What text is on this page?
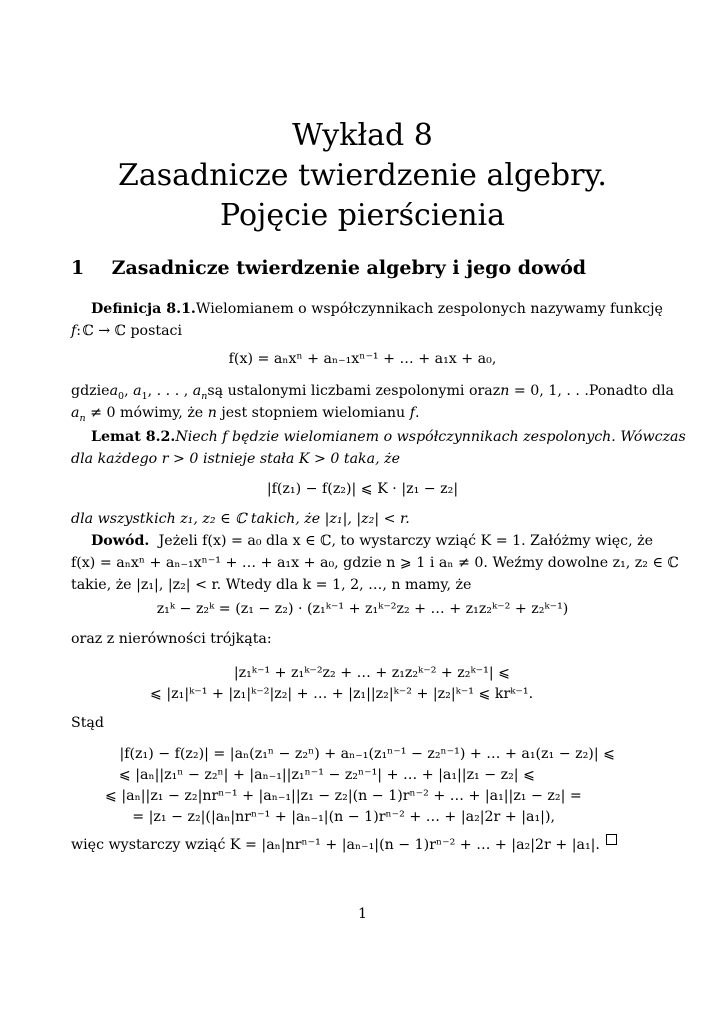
Wykład 8
Zasadnicze twierdzenie algebry.
Pojęcie pierścienia
1 Zasadnicze twierdzenie algebry i jego dowód
Definicja 8.1. Wielomianem o współczynnikach zespolonych nazywamy funkcję
f: ℂ → ℂ postaci
f(x) = aₙxⁿ + aₙ₋₁xⁿ⁻¹ + … + a₁x + a₀,
gdzie $a_0$, $a_1$, . . . , $a_n$ są ustalonymi liczbami zespolonymi oraz n = 0, 1, . . . Ponadto dla
$a_n \ne 0$ mówimy, że n jest stopniem wielomianu f.
Lemat 8.2. Niech f będzie wielomianem o współczynnikach zespolonych. Wówczas
dla każdego r > 0 istnieje stała K > 0 taka, że
|f(z₁) − f(z₂)| ⩽ K · |z₁ − z₂|
dla wszystkich z₁, z₂ ∈ ℂ takich, że |z₁|, |z₂| < r.
Dowód. Jeżeli f(x) = a₀ dla x ∈ ℂ, to wystarczy wziąć K = 1. Załóżmy więc, że
f(x) = aₙxⁿ + aₙ₋₁xⁿ⁻¹ + … + a₁x + a₀, gdzie n ⩾ 1 i aₙ ≠ 0. Weźmy dowolne z₁, z₂ ∈ ℂ
takie, że |z₁|, |z₂| < r. Wtedy dla k = 1, 2, …, n mamy, że
z₁ᵏ − z₂ᵏ = (z₁ − z₂) · (z₁ᵏ⁻¹ + z₁ᵏ⁻²z₂ + … + z₁z₂ᵏ⁻² + z₂ᵏ⁻¹)
oraz z nierówności trójkąta:
|z₁ᵏ⁻¹ + z₁ᵏ⁻²z₂ + … + z₁z₂ᵏ⁻² + z₂ᵏ⁻¹| ⩽
⩽ |z₁|ᵏ⁻¹ + |z₁|ᵏ⁻²|z₂| + … + |z₁||z₂|ᵏ⁻² + |z₂|ᵏ⁻¹ ⩽ krᵏ⁻¹.
Stąd
|f(z₁) − f(z₂)| = |aₙ(z₁ⁿ − z₂ⁿ) + aₙ₋₁(z₁ⁿ⁻¹ − z₂ⁿ⁻¹) + … + a₁(z₁ − z₂)| ⩽
⩽ |aₙ||z₁ⁿ − z₂ⁿ| + |aₙ₋₁||z₁ⁿ⁻¹ − z₂ⁿ⁻¹| + … + |a₁||z₁ − z₂| ⩽
⩽ |aₙ||z₁ − z₂|nrⁿ⁻¹ + |aₙ₋₁||z₁ − z₂|(n − 1)rⁿ⁻² + … + |a₁||z₁ − z₂| =
= |z₁ − z₂|(|aₙ|nrⁿ⁻¹ + |aₙ₋₁|(n − 1)rⁿ⁻² + … + |a₂|2r + |a₁|),
więc wystarczy wziąć K = |aₙ|nrⁿ⁻¹ + |aₙ₋₁|(n − 1)rⁿ⁻² + … + |a₂|2r + |a₁|.
1
